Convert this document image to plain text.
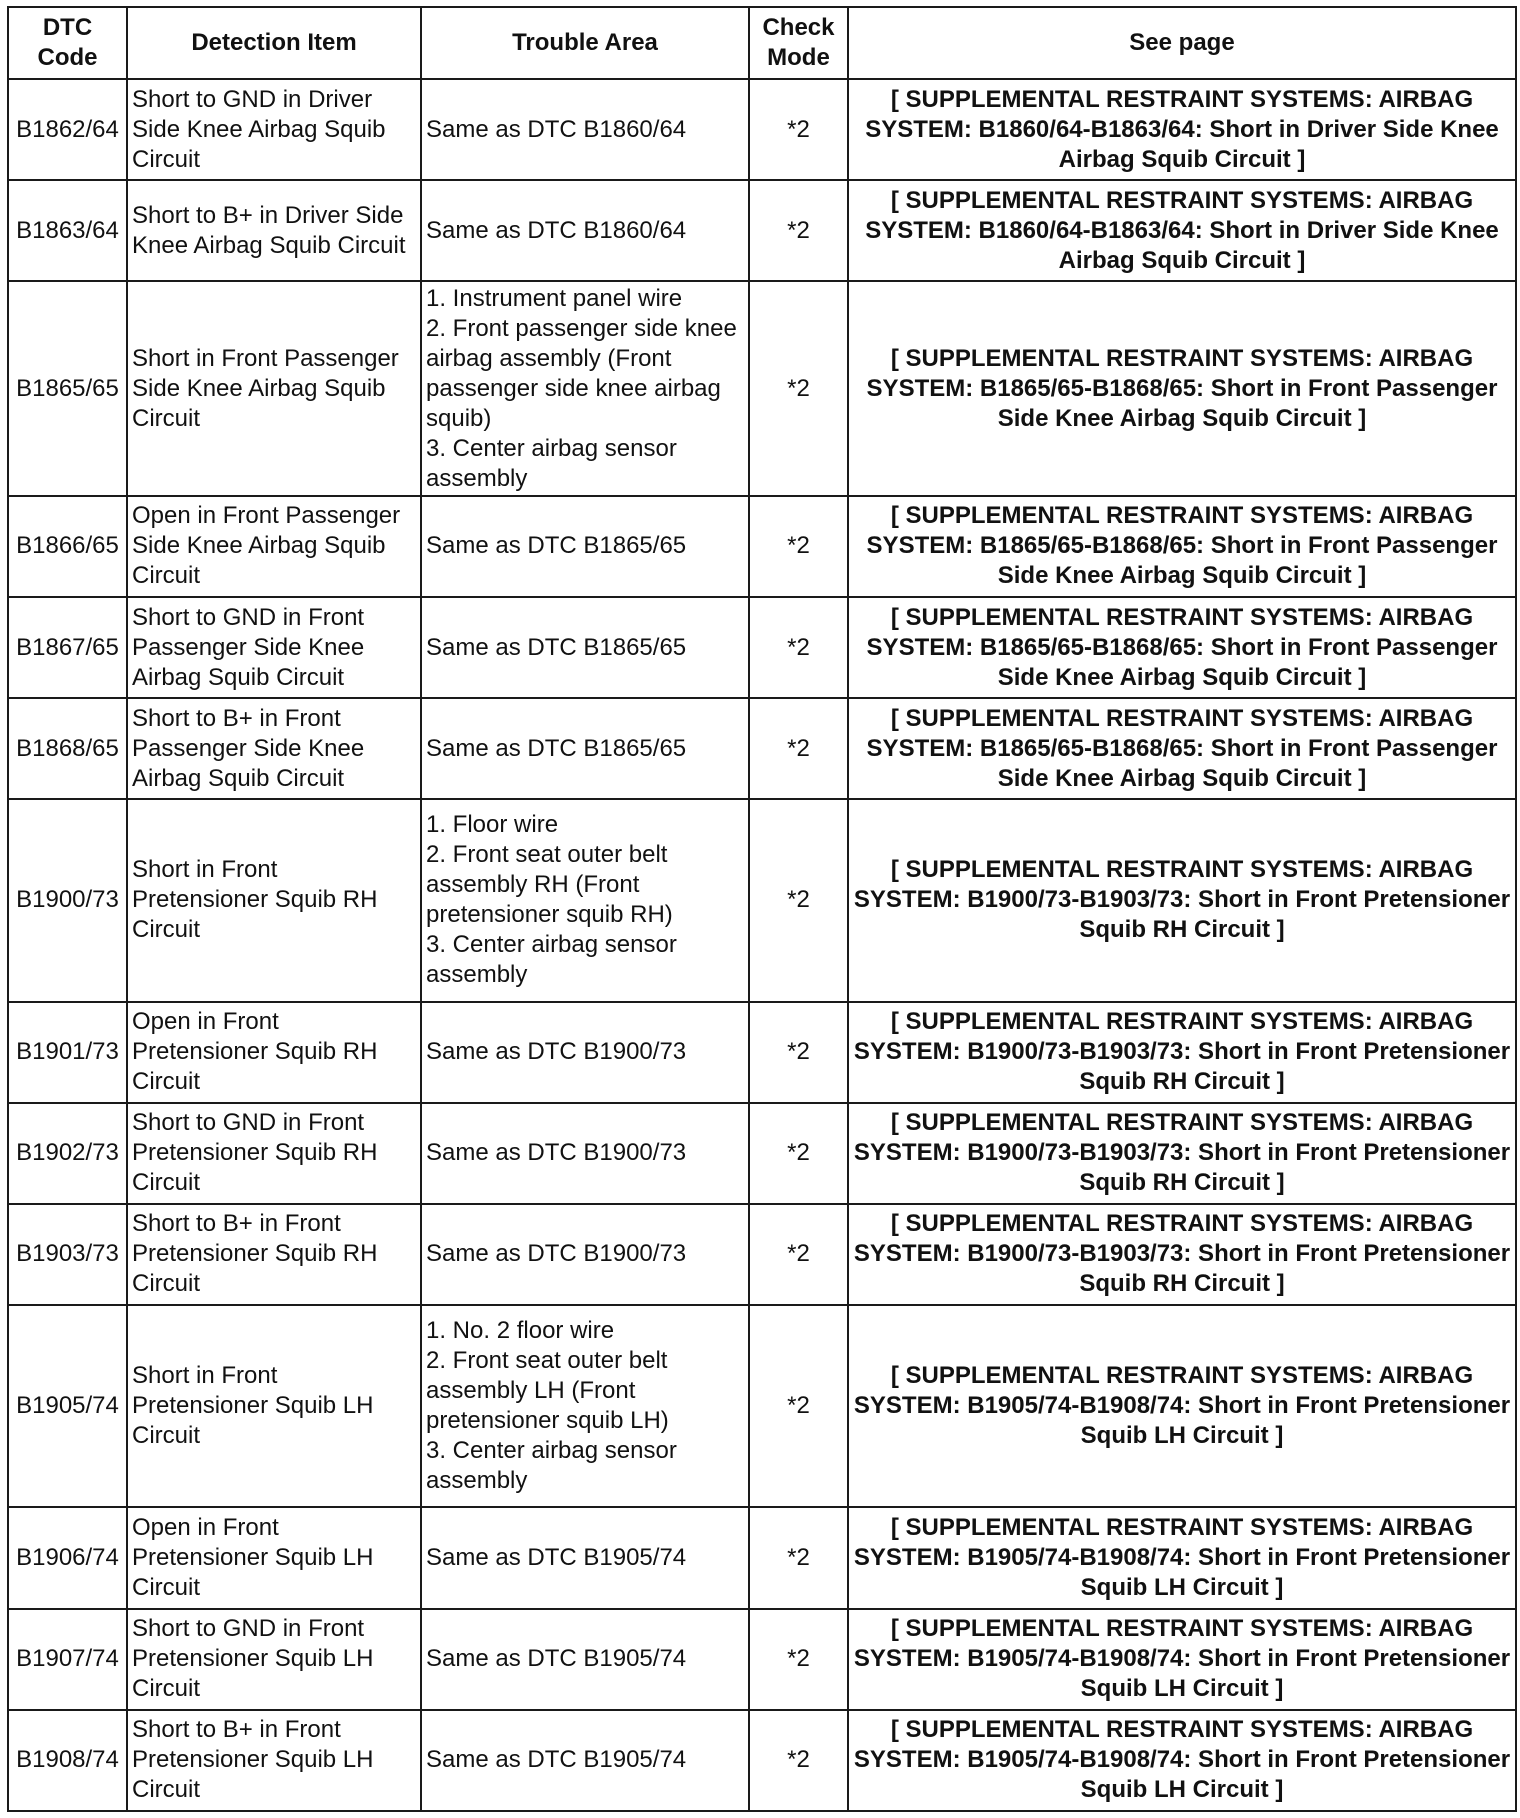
DTC Code	Detection Item	Trouble Area	Check Mode	See page
B1862/64	Short to GND in Driver Side Knee Airbag Squib Circuit	Same as DTC B1860/64	*2	[ SUPPLEMENTAL RESTRAINT SYSTEMS: AIRBAG SYSTEM: B1860/64-B1863/64: Short in Driver Side Knee Airbag Squib Circuit ]
B1863/64	Short to B+ in Driver Side Knee Airbag Squib Circuit	Same as DTC B1860/64	*2	[ SUPPLEMENTAL RESTRAINT SYSTEMS: AIRBAG SYSTEM: B1860/64-B1863/64: Short in Driver Side Knee Airbag Squib Circuit ]
B1865/65	Short in Front Passenger Side Knee Airbag Squib Circuit	1. Instrument panel wire
2. Front passenger side knee airbag assembly (Front passenger side knee airbag squib)
3. Center airbag sensor assembly	*2	[ SUPPLEMENTAL RESTRAINT SYSTEMS: AIRBAG SYSTEM: B1865/65-B1868/65: Short in Front Passenger Side Knee Airbag Squib Circuit ]
B1866/65	Open in Front Passenger Side Knee Airbag Squib Circuit	Same as DTC B1865/65	*2	[ SUPPLEMENTAL RESTRAINT SYSTEMS: AIRBAG SYSTEM: B1865/65-B1868/65: Short in Front Passenger Side Knee Airbag Squib Circuit ]
B1867/65	Short to GND in Front Passenger Side Knee Airbag Squib Circuit	Same as DTC B1865/65	*2	[ SUPPLEMENTAL RESTRAINT SYSTEMS: AIRBAG SYSTEM: B1865/65-B1868/65: Short in Front Passenger Side Knee Airbag Squib Circuit ]
B1868/65	Short to B+ in Front Passenger Side Knee Airbag Squib Circuit	Same as DTC B1865/65	*2	[ SUPPLEMENTAL RESTRAINT SYSTEMS: AIRBAG SYSTEM: B1865/65-B1868/65: Short in Front Passenger Side Knee Airbag Squib Circuit ]
B1900/73	Short in Front Pretensioner Squib RH Circuit	1. Floor wire
2. Front seat outer belt assembly RH (Front pretensioner squib RH)
3. Center airbag sensor assembly	*2	[ SUPPLEMENTAL RESTRAINT SYSTEMS: AIRBAG SYSTEM: B1900/73-B1903/73: Short in Front Pretensioner Squib RH Circuit ]
B1901/73	Open in Front Pretensioner Squib RH Circuit	Same as DTC B1900/73	*2	[ SUPPLEMENTAL RESTRAINT SYSTEMS: AIRBAG SYSTEM: B1900/73-B1903/73: Short in Front Pretensioner Squib RH Circuit ]
B1902/73	Short to GND in Front Pretensioner Squib RH Circuit	Same as DTC B1900/73	*2	[ SUPPLEMENTAL RESTRAINT SYSTEMS: AIRBAG SYSTEM: B1900/73-B1903/73: Short in Front Pretensioner Squib RH Circuit ]
B1903/73	Short to B+ in Front Pretensioner Squib RH Circuit	Same as DTC B1900/73	*2	[ SUPPLEMENTAL RESTRAINT SYSTEMS: AIRBAG SYSTEM: B1900/73-B1903/73: Short in Front Pretensioner Squib RH Circuit ]
B1905/74	Short in Front Pretensioner Squib LH Circuit	1. No. 2 floor wire
2. Front seat outer belt assembly LH (Front pretensioner squib LH)
3. Center airbag sensor assembly	*2	[ SUPPLEMENTAL RESTRAINT SYSTEMS: AIRBAG SYSTEM: B1905/74-B1908/74: Short in Front Pretensioner Squib LH Circuit ]
B1906/74	Open in Front Pretensioner Squib LH Circuit	Same as DTC B1905/74	*2	[ SUPPLEMENTAL RESTRAINT SYSTEMS: AIRBAG SYSTEM: B1905/74-B1908/74: Short in Front Pretensioner Squib LH Circuit ]
B1907/74	Short to GND in Front Pretensioner Squib LH Circuit	Same as DTC B1905/74	*2	[ SUPPLEMENTAL RESTRAINT SYSTEMS: AIRBAG SYSTEM: B1905/74-B1908/74: Short in Front Pretensioner Squib LH Circuit ]
B1908/74	Short to B+ in Front Pretensioner Squib LH Circuit	Same as DTC B1905/74	*2	[ SUPPLEMENTAL RESTRAINT SYSTEMS: AIRBAG SYSTEM: B1905/74-B1908/74: Short in Front Pretensioner Squib LH Circuit ]
